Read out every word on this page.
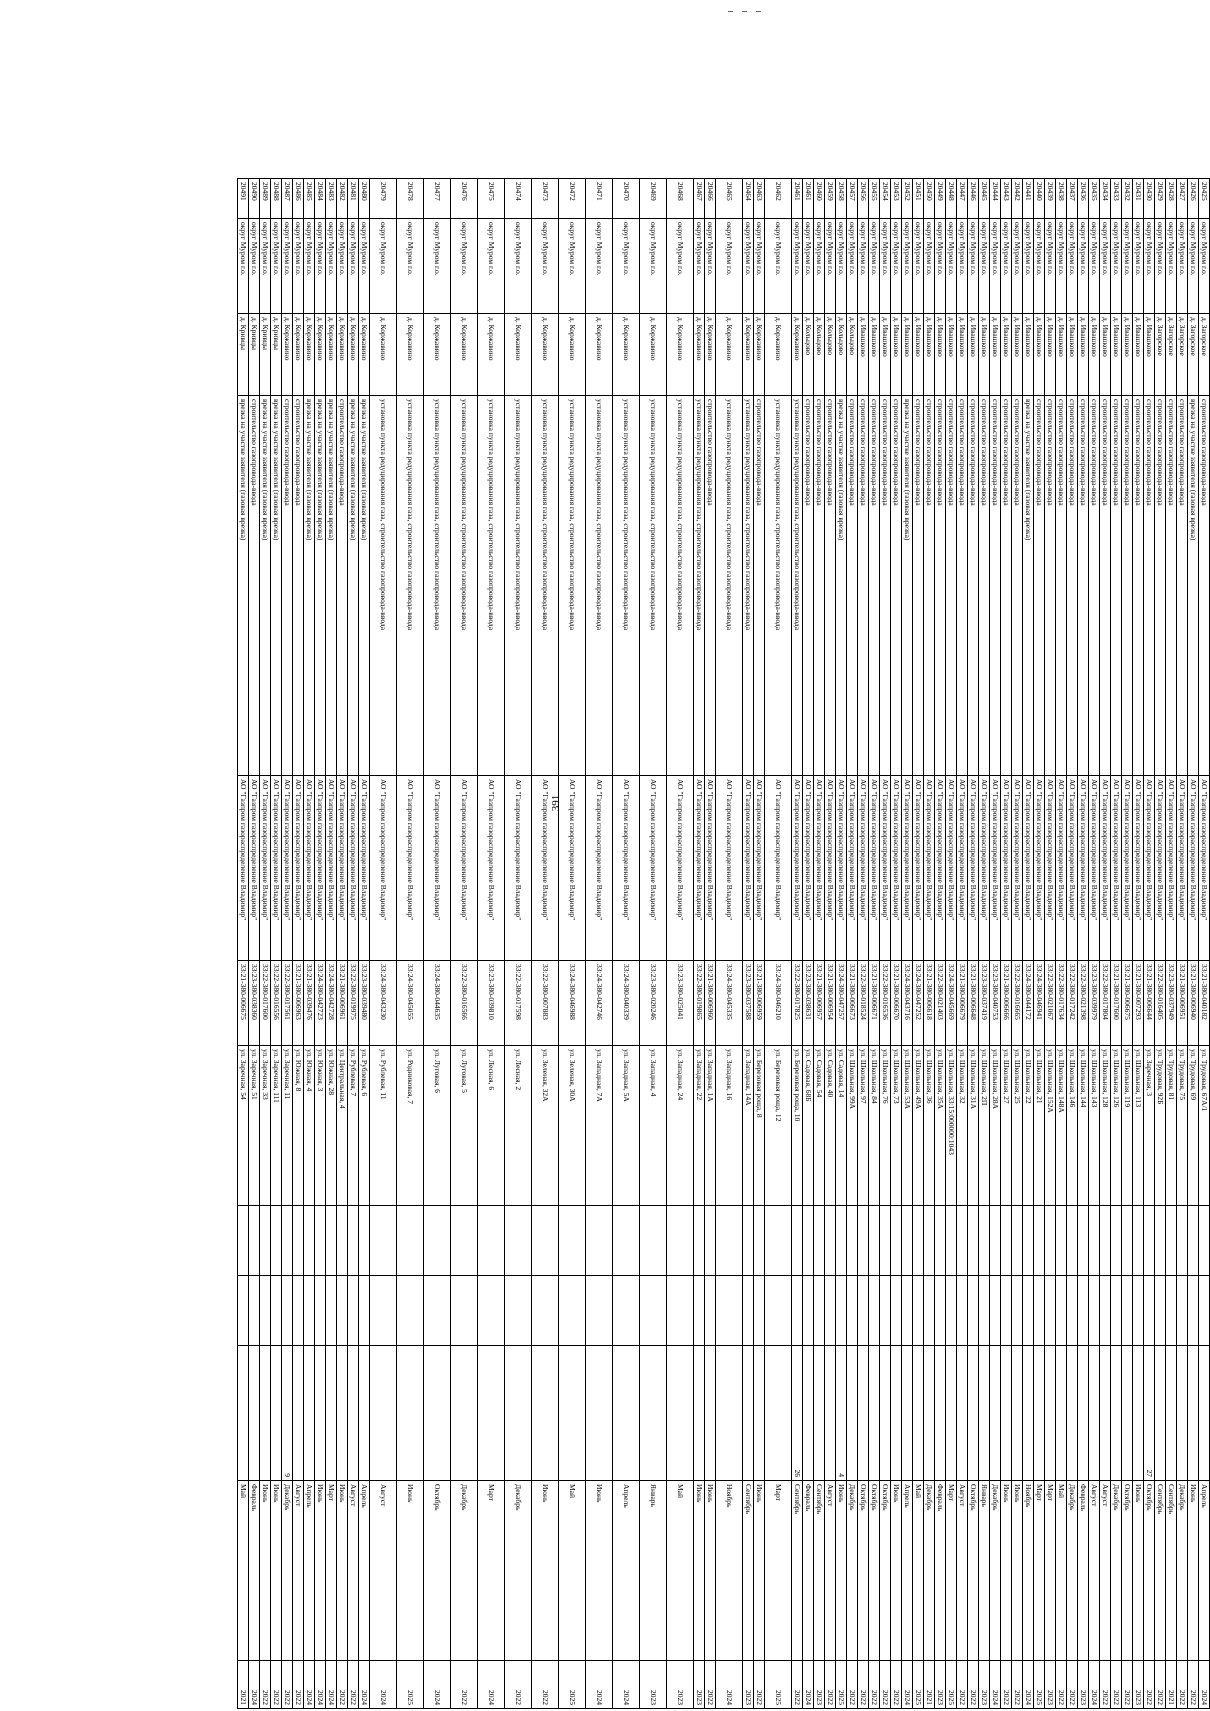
391
20425	округ Муром г.о.	д. Загорское	строительство газопровода-ввода	АО "Газпром газораспределение Владимир"	33:21-380-040182	ул. Трудовая, 67А/1				Апрель	2024
20426	округ Муром г.о.	д. Загорское	врезка на участке заявителя (газовая врезка)	АО "Газпром газораспределение Владимир"	33:21-380-006940	ул. Трудовая, 69				Июнь	2022
20427	округ Муром г.о.	д. Загорское	строительство газопровода-ввода	АО "Газпром газораспределение Владимир"	33:21-380-006951	ул. Трудовая, 75				Декабрь	2022
20428	округ Муром г.о.	д. Загорское	строительство газопровода-ввода	АО "Газпром газораспределение Владимир"	33:23-380-037949	ул. Трудовая, 81				Сентябрь	2021
20429	округ Муром г.о.	д. Загорское	строительство газопровода-ввода	АО "Газпром газораспределение Владимир"	33:22-380-016405	ул. Трудовая, 92Б				Сентябрь	2022
20430	округ Муром г.о.	д. Ивашково	строительство газопровода-ввода	АО "Газпром газораспределение Владимир"	33:21-380-006644	ул. Заречная, 3			27	Октябрь	2022
20431	округ Муром г.о.	д. Ивашково	строительство газопровода-ввода	АО "Газпром газораспределение Владимир"	33:21-380-007293	ул. Школьная, 113				Июнь	2023
20432	округ Муром г.о.	д. Ивашково	строительство газопровода-ввода	АО "Газпром газораспределение Владимир"	33:21-380-006675	ул. Школьная, 119				Октябрь	2022
20433	округ Муром г.о.	д. Ивашково	строительство газопровода-ввода	АО "Газпром газораспределение Владимир"	33:21-380-017600	ул. Школьная, 126				Декабрь	2022
20434	округ Муром г.о.	д. Ивашково	строительство газопровода-ввода	АО "Газпром газораспределение Владимир"	33:22-380-017804	ул. Школьная, 128				Август	2022
20435	округ Муром г.о.	д. Ивашково	строительство газопровода-ввода	АО "Газпром газораспределение Владимир"	33:23-380-039979	ул. Школьная, 143				Август	2024
20436	округ Муром г.о.	д. Ивашково	строительство газопровода-ввода	АО "Газпром газораспределение Владимир"	33:22-380-021398	ул. Школьная, 144				Февраль	2023
20437	округ Муром г.о.	д. Ивашково	строительство газопровода-ввода	АО "Газпром газораспределение Владимир"	33:22-380-017242	ул. Школьная, 146				Декабрь	2022
20438	округ Муром г.о.	д. Ивашково	строительство газопровода-ввода	АО "Газпром газораспределение Владимир"	33:22-380-017634	ул. Школьная, 148А				Май	2022
20439	округ Муром г.о.	д. Ивашково	строительство газопровода-ввода	АО "Газпром газораспределение Владимир"	33:22-380-021067	ул. Школьная, 152А				Март	2023
20440	округ Муром г.о.	д. Ивашково	строительство газопровода-ввода	АО "Газпром газораспределение Владимир"	33:24-380-046941	ул. Школьная, 21				Март	2025
20441	округ Муром г.о.	д. Ивашково	врезка на участке заявителя (газовая врезка)	АО "Газпром газораспределение Владимир"	33:24-380-044172	ул. Школьная, 22				Ноябрь	2024
20442	округ Муром г.о.	д. Ивашково	строительство газопровода-ввода	АО "Газпром газораспределение Владимир"	33:22-380-016665	ул. Школьная, 25				Июнь	2022
20443	округ Муром г.о.	д. Ивашково	строительство газопровода-ввода	АО "Газпром газораспределение Владимир"	33:21-380-006666	ул. Школьная, 27				Июнь	2022
20444	округ Муром г.о.	д. Ивашково	строительство газопровода-ввода	АО "Газпром газораспределение Владимир"	33:23-380-040753	ул. Школьная, 28А				Декабрь	2024
20445	округ Муром г.о.	д. Ивашково	строительство газопровода-ввода	АО "Газпром газораспределение Владимир"	33:23-380-037419	ул. Школьная, 2П				Январь	2023
20446	округ Муром г.о.	д. Ивашково	строительство газопровода-ввода	АО "Газпром газораспределение Владимир"	33:21-380-006648	ул. Школьная, 31А				Октябрь	2022
20447	округ Муром г.о.	д. Ивашково	строительство газопровода-ввода	АО "Газпром газораспределение Владимир"	33:21-380-006679	ул. Школьная, 32				Август	2022
20448	округ Муром г.о.	д. Ивашково	строительство газопровода-ввода	АО "Газпром газораспределение Владимир"	33:24-380-045669	ул. Школьная, 33:15:000000:1043				Март	2025
20449	округ Муром г.о.	д. Ивашково	строительство газопровода-ввода	АО "Газпром газораспределение Владимир"	33:22-380-021403	ул. Школьная, 35А				Февраль	2023
20450	округ Муром г.о.	д. Ивашково	строительство газопровода-ввода	АО "Газпром газораспределение Владимир"	33:21-380-006618	ул. Школьная, 36				Декабрь	2021
20451	округ Муром г.о.	д. Ивашково	строительство газопровода-ввода	АО "Газпром газораспределение Владимир"	33:24-380-047252	ул. Школьная, 49А				Май	2025
20452	округ Муром г.о.	д. Ивашково	врезка на участке заявителя (газовая врезка)	АО "Газпром газораспределение Владимир"	33:24-380-043716	ул. Школьная, 53А				Апрель	2024
20453	округ Муром г.о.	д. Ивашково	строительство газопровода-ввода	АО "Газпром газораспределение Владимир"	33:21-380-006670	ул. Школьная, 73				Июнь	2022
20454	округ Муром г.о.	д. Ивашково	строительство газопровода-ввода	АО "Газпром газораспределение Владимир"	33:22-380-016536	ул. Школьная, 76				Октябрь	2022
20455	округ Муром г.о.	д. Ивашково	строительство газопровода-ввода	АО "Газпром газораспределение Владимир"	33:21-380-006671	ул. Школьная, 84				Октябрь	2022
20456	округ Муром г.о.	д. Ивашково	строительство газопровода-ввода	АО "Газпром газораспределение Владимир"	33:22-380-018524	ул. Школьная, 97				Октябрь	2022
20457	округ Муром г.о.	д. Кольцово	строительство газопровода-ввода	АО "Газпром газораспределение Владимир"	33:21-380-006673	ул. Школьная, 99А				Декабрь	2022
20458	округ Муром г.о.	д. Кольцово	врезка на участке заявителя (газовая врезка)	АО "Газпром газораспределение Владимир"	33:24-380-047257	ул. Садовая, 14			4	Июнь	2025
20459	округ Муром г.о.	д. Кольцово	строительство газопровода-ввода	АО "Газпром газораспределение Владимир"	33:21-380-006954	ул. Садовая, 40				Август	2022
20460	округ Муром г.о.	д. Кольцово	строительство газопровода-ввода	АО "Газпром газораспределение Владимир"	33:21-380-006957	ул. Садовая, 54				Сентябрь	2023
20461	округ Муром г.о.	д. Кольцово	строительство газопровода-ввода	АО "Газпром газораспределение Владимир"	33:23-380-038631	ул. Садовая, 68Б				Февраль	2024
20461	округ Муром г.о.	д. Коржавино	установка пункта редуцирования газа, строительство газопровода-ввода	АО "Газпром газораспределение Владимир"	33:22-380-017825	ул. Березовая роща, 10			26	Сентябрь	2022
20462	округ Муром г.о.	д. Коржавино	установка пункта редуцирования газа, строительство газопровода-ввода	АО "Газпром газораспределение Владимир"	33:24-380-046210	ул. Березовая роща, 12				Март	2025
20463	округ Муром г.о.	д. Коржавино	строительство газопровода-ввода	АО "Газпром газораспределение Владимир"	33:21-380-006959	ул. Березовая роща, 8				Июнь	2022
20464	округ Муром г.о.	д. Коржавино	установка пункта редуцирования газа, строительство газопровода-ввода	АО "Газпром газораспределение Владимир"	33:23-380-037588	ул. Западная, 14А				Сентябрь	2023
20465	округ Муром г.о.	д. Коржавино	установка пункта редуцирования газа, строительство газопровода-ввода	АО "Газпром газораспределение Владимир"	33:24-380-045335	ул. Западная, 16				Ноябрь	2024
20466	округ Муром г.о.	д. Коржавино	строительство газопровода-ввода	АО "Газпром газораспределение Владимир"	33:21-380-006960	ул. Западная, 1А				Июнь	2022
20467	округ Муром г.о.	д. Коржавино	установка пункта редуцирования газа, строительство газопровода-ввода	АО "Газпром газораспределение Владимир"	33:22-380-019865	ул. Западная, 22				Июнь	2023
20468	округ Муром г.о.	д. Коржавино	установка пункта редуцирования газа, строительство газопровода-ввода	АО "Газпром газораспределение Владимир"	33:23-380-025041	ул. Западная, 24				Май	2023
20469	округ Муром г.о.	д. Коржавино	установка пункта редуцирования газа, строительство газопровода-ввода	АО "Газпром газораспределение Владимир"	33:23-380-020246	ул. Западная, 4				Январь	2023
20470	округ Муром г.о.	д. Коржавино	установка пункта редуцирования газа, строительство газопровода-ввода	АО "Газпром газораспределение Владимир"	33:24-380-040339	ул. Западная, 5А				Апрель	2024
20471	округ Муром г.о.	д. Коржавино	установка пункта редуцирования газа, строительство газопровода-ввода	АО "Газпром газораспределение Владимир"	33:24-380-042746	ул. Западная, 7А				Июнь	2024
20472	округ Муром г.о.	д. Коржавино	установка пункта редуцирования газа, строительство газопровода-ввода	АО "Газпром газораспределение Владимир"	33:24-380-046988	ул. Зеленая, 30А				Май	2025
20473	округ Муром г.о.	д. Коржавино	установка пункта редуцирования газа, строительство газопровода-ввода	АО "Газпром газораспределение Владимир"	33:22-380-007883	ул. Зеленая, 32А				Июнь	2022
20474	округ Муром г.о.	д. Коржавино	установка пункта редуцирования газа, строительство газопровода-ввода	АО "Газпром газораспределение Владимир"	33:22-380-017598	ул. Лесная, 2				Декабрь	2022
20475	округ Муром г.о.	д. Коржавино	установка пункта редуцирования газа, строительство газопровода-ввода	АО "Газпром газораспределение Владимир"	33:23-380-039810	ул. Лесная, 6				Март	2024
20476	округ Муром г.о.	д. Коржавино	установка пункта редуцирования газа, строительство газопровода-ввода	АО "Газпром газораспределение Владимир"	33:22-380-016566	ул. Луговая, 5				Декабрь	2022
20477	округ Муром г.о.	д. Коржавино	установка пункта редуцирования газа, строительство газопровода-ввода	АО "Газпром газораспределение Владимир"	33:24-380-044635	ул. Луговая, 6				Октябрь	2024
20478	округ Муром г.о.	д. Коржавино	установка пункта редуцирования газа, строительство газопровода-ввода	АО "Газпром газораспределение Владимир"	33:24-380-045055	ул. Родниковая, 7				Июнь	2025
20479	округ Муром г.о.	д. Коржавино	установка пункта редуцирования газа, строительство газопровода-ввода	АО "Газпром газораспределение Владимир"	33:24-380-043230	ул. Рублевая, 11				Август	2024
20480	округ Муром г.о.	д. Коржавино	врезка на участке заявителя (газовая врезка)	АО "Газпром газораспределение Владимир"	33:23-380-039480	ул. Рублевая, 6				Апрель	2024
20481	округ Муром г.о.	д. Коржавино	врезка на участке заявителя (газовая врезка)	АО "Газпром газораспределение Владимир"	33:22-380-019975	ул. Рублевая, 7				Август	2022
20482	округ Муром г.о.	д. Коржавино	строительство газопровода-ввода	АО "Газпром газораспределение Владимир"	33:21-380-006961	ул. Центральная, 4				Июнь	2022
20483	округ Муром г.о.	д. Коржавино	врезка на участке заявителя (газовая врезка)	АО "Газпром газораспределение Владимир"	33:24-380-042728	ул. Южная, 28				Март	2024
20484	округ Муром г.о.	д. Коржавино	врезка на участке заявителя (газовая врезка)	АО "Газпром газораспределение Владимир"	33:24-380-042723	ул. Южная, 3				Июнь	2024
20485	округ Муром г.о.	д. Коржавино	врезка на участке заявителя (газовая врезка)	АО "Газпром газораспределение Владимир"	33:21-380-039476	ул. Южная, 4				Апрель	2024
20486	округ Муром г.о.	д. Коржавино	строительство газопровода-ввода	АО "Газпром газораспределение Владимир"	33:21-380-006963	ул. Южная, 8				Август	2022
20487	округ Муром г.о.	д. Коржавино	строительство газопровода-ввода	АО "Газпром газораспределение Владимир"	33:22-380-017561	ул. Заречная, 11			9	Декабрь	2022
20488	округ Муром г.о.	д. Кривцы	врезка на участке заявителя (газовая врезка)	АО "Газпром газораспределение Владимир"	33:22-380-016556	ул. Заречная, 111				Июнь	2022
20489	округ Муром г.о.	д. Кривцы	врезка на участке заявителя (газовая врезка)	АО "Газпром газораспределение Владимир"	33:22-380-017600	ул. Заречная, 33				Июнь	2022
20490	округ Муром г.о.	д. Кривцы	строительство газопровода-ввода	АО "Газпром газораспределение Владимир"	33:23-380-038360	ул. Заречная, 51				Февраль	2024
20491	округ Муром г.о.	д. Кривцы	врезка на участке заявителя (газовая врезка)	АО "Газпром газораспределение Владимир"	33:21-380-006675	ул. Заречная, 54				Май	2021
